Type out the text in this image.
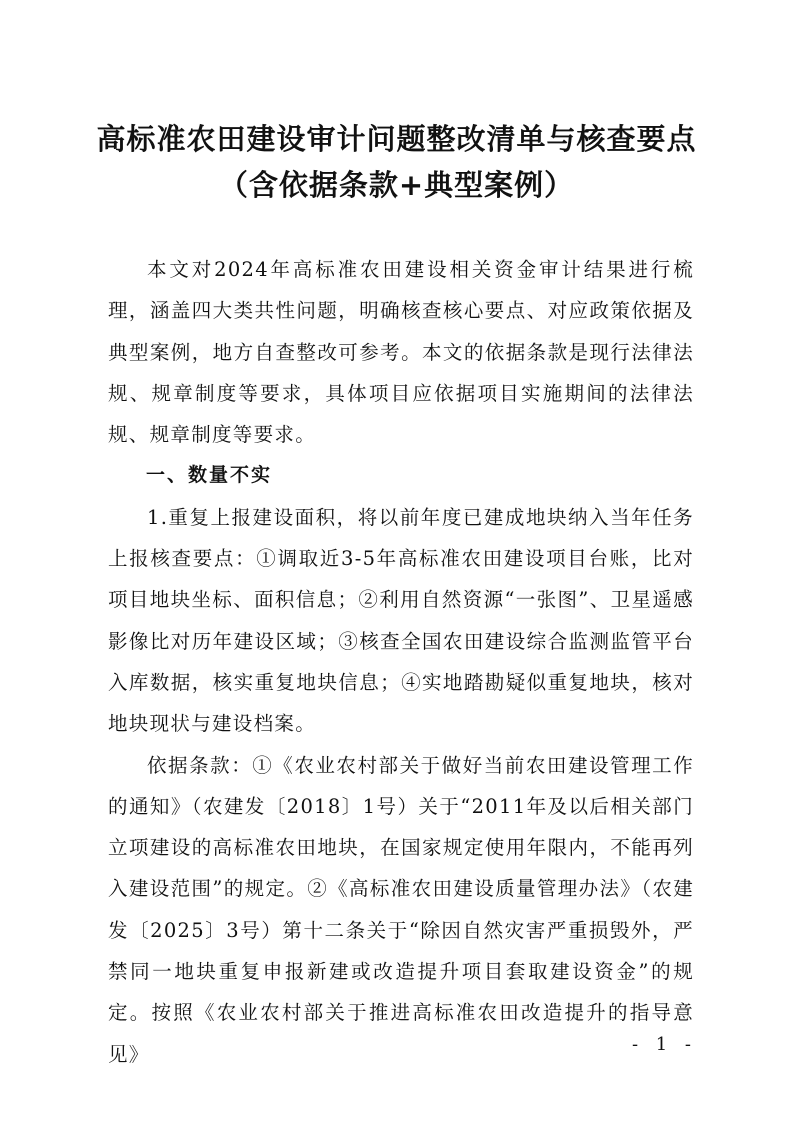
高标准农田建设审计问题整改清单与核查要点
（含依据条款+典型案例）

本文对2024年高标准农田建设相关资金审计结果进行梳理，涵盖四大类共性问题，明确核查核心要点、对应政策依据及典型案例，地方自查整改可参考。本文的依据条款是现行法律法规、规章制度等要求，具体项目应依据项目实施期间的法律法规、规章制度等要求。

一、数量不实

1.重复上报建设面积，将以前年度已建成地块纳入当年任务上报核查要点：①调取近3-5年高标准农田建设项目台账，比对项目地块坐标、面积信息；②利用自然资源“一张图”、卫星遥感影像比对历年建设区域；③核查全国农田建设综合监测监管平台入库数据，核实重复地块信息；④实地踏勘疑似重复地块，核对地块现状与建设档案。

依据条款：①《农业农村部关于做好当前农田建设管理工作的通知》（农建发〔2018〕1号）关于“2011年及以后相关部门立项建设的高标准农田地块，在国家规定使用年限内，不能再列入建设范围”的规定。②《高标准农田建设质量管理办法》（农建发〔2025〕3号）第十二条关于“除因自然灾害严重损毁外，严禁同一地块重复申报新建或改造提升项目套取建设资金”的规定。按照《农业农村部关于推进高标准农田改造提升的指导意见》	- 1 -
